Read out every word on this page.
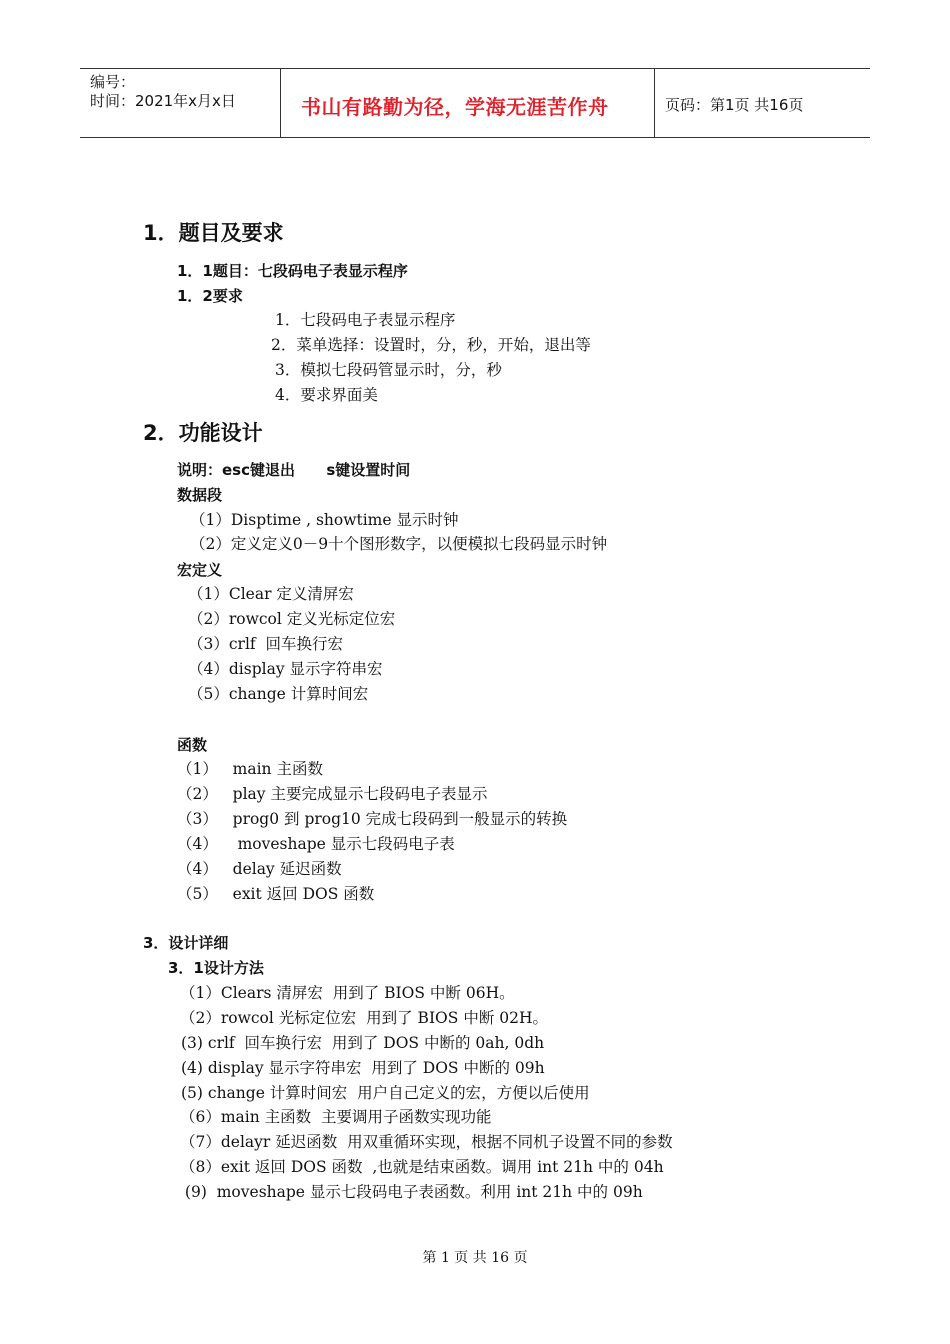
编号：
时间：2021年x月x日	书山有路勤为径，学海无涯苦作舟	页码：第1页 共16页
1．题目及要求
1．1题目：七段码电子表显示程序
1．2要求
1．七段码电子表显示程序
2．菜单选择：设置时，分，秒，开始，退出等
3．模拟七段码管显示时，分，秒
4．要求界面美
2．功能设计
说明：esc键退出      s键设置时间
数据段
（1）Disptime , showtime 显示时钟
（2）定义定义0－9十个图形数字，以便模拟七段码显示时钟
宏定义
（1）Clear 定义清屏宏
（2）rowcol 定义光标定位宏
（3）crlf  回车换行宏
（4）display 显示字符串宏
（5）change 计算时间宏
函数
（1）   main 主函数
（2）   play 主要完成显示七段码电子表显示
（3）   prog0 到 prog10 完成七段码到一般显示的转换
（4）    moveshape 显示七段码电子表
（4）   delay 延迟函数
（5）   exit 返回 DOS 函数
3．设计详细
3．1设计方法
（1）Clears 清屏宏  用到了 BIOS 中断 06H。
（2）rowcol 光标定位宏  用到了 BIOS 中断 02H。
(3) crlf  回车换行宏  用到了 DOS 中断的 0ah, 0dh
(4) display 显示字符串宏  用到了 DOS 中断的 09h
(5) change 计算时间宏  用户自己定义的宏，方便以后使用
（6）main 主函数  主要调用子函数实现功能
（7）delayr 延迟函数  用双重循环实现，根据不同机子设置不同的参数
（8）exit 返回 DOS 函数  ,也就是结束函数。调用 int 21h 中的 04h
(9)  moveshape 显示七段码电子表函数。利用 int 21h 中的 09h
第 1 页 共 16 页
